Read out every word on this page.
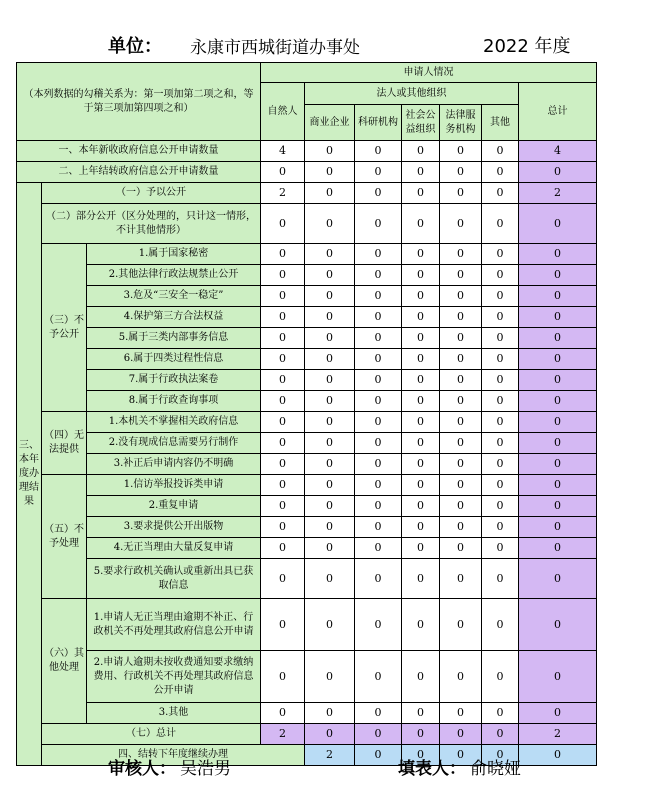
单位： 永康市西城街道办事处	2022 年度
（本列数据的勾稽关系为：第一项加第二项之和，等于第三项加第四项之和）			申请人情况							
			自然人	法人或其他组织					总计	
				商业企业	科研机构	社会公益组织	法律服务机构	其他		
一、本年新收政府信息公开申请数量			4	0	0	0	0	0	4	
二、上年结转政府信息公开申请数量			0	0	0	0	0	0	0	
三、本年度办理结果	（一）予以公开		2	0	0	0	0	0	2	
	（二）部分公开（区分处理的，只计这一情形，不计其他情形）		0	0	0	0	0	0	0	
	（三）不予公开	1.属于国家秘密	0	0	0	0	0	0	0	
		2.其他法律行政法规禁止公开	0	0	0	0	0	0	0	
		3.危及“三安全一稳定”	0	0	0	0	0	0	0	
		4.保护第三方合法权益	0	0	0	0	0	0	0	
		5.属于三类内部事务信息	0	0	0	0	0	0	0	
		6.属于四类过程性信息	0	0	0	0	0	0	0	
		7.属于行政执法案卷	0	0	0	0	0	0	0	
		8.属于行政查询事项	0	0	0	0	0	0	0	
	（四）无法提供	1.本机关不掌握相关政府信息	0	0	0	0	0	0	0	
		2.没有现成信息需要另行制作	0	0	0	0	0	0	0	
		3.补正后申请内容仍不明确	0	0	0	0	0	0	0	
	（五）不予处理	1.信访举报投诉类申请	0	0	0	0	0	0	0	
		2.重复申请	0	0	0	0	0	0	0	
		3.要求提供公开出版物	0	0	0	0	0	0	0	
		4.无正当理由大量反复申请	0	0	0	0	0	0	0	
		5.要求行政机关确认或重新出具已获取信息	0	0	0	0	0	0	0	
	（六）其他处理	1.申请人无正当理由逾期不补正、行政机关不再处理其政府信息公开申请	0	0	0	0	0	0	0	
		2.申请人逾期未按收费通知要求缴纳费用、行政机关不再处理其政府信息公开申请	0	0	0	0	0	0	0	
		3.其他	0	0	0	0	0	0	0	
	（七）总计		2	0	0	0	0	0	2	
	四、结转下年度继续办理			2	0	0	0	0	0	
审核人： 吴浩男	填表人： 俞晓娅
